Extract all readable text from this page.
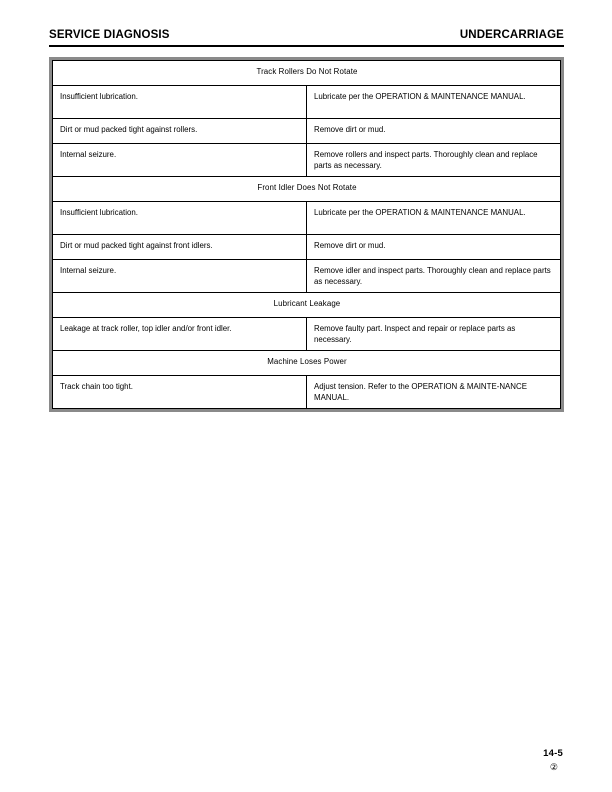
SERVICE DIAGNOSIS	UNDERCARRIAGE
Track Rollers Do Not Rotate	
Insufficient lubrication.	Lubricate per the OPERATION & MAINTENANCE MANUAL.
Dirt or mud packed tight against rollers.	Remove dirt or mud.
Internal seizure.	Remove rollers and inspect parts. Thoroughly clean and replace parts as necessary.
Front Idler Does Not Rotate	
Insufficient lubrication.	Lubricate per the OPERATION & MAINTENANCE MANUAL.
Dirt or mud packed tight against front idlers.	Remove dirt or mud.
Internal seizure.	Remove idler and inspect parts. Thoroughly clean and replace parts as necessary.
Lubricant Leakage	
Leakage at track roller, top idler and/or front idler.	Remove faulty part. Inspect and repair or replace parts as necessary.
Machine Loses Power	
Track chain too tight.	Adjust tension. Refer to the OPERATION & MAINTE-NANCE MANUAL.
14-5
②
